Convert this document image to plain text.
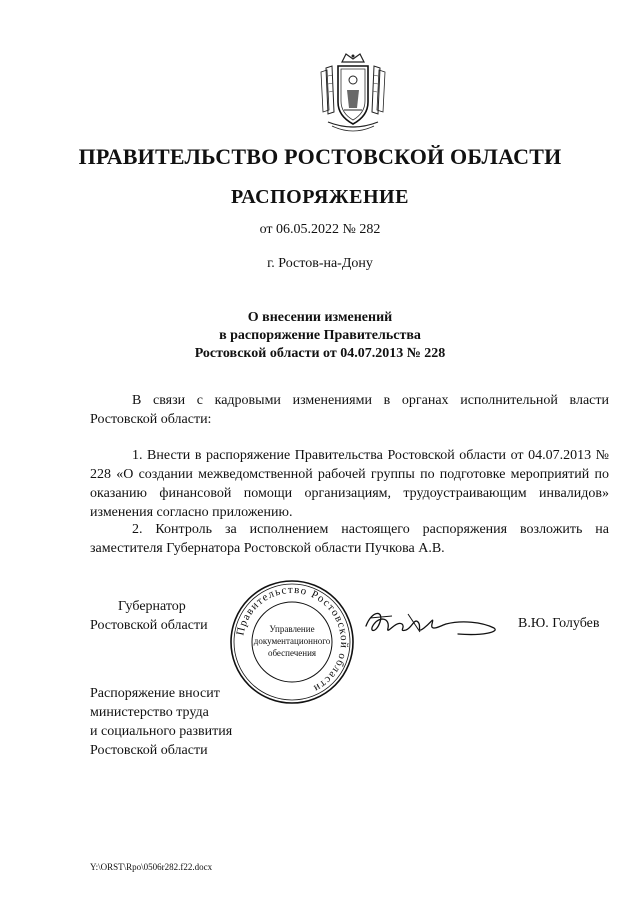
ПРАВИТЕЛЬСТВО РОСТОВСКОЙ ОБЛАСТИ
РАСПОРЯЖЕНИЕ
от 06.05.2022 № 282
г. Ростов-на-Дону
О внесении изменений
в распоряжение Правительства
Ростовской области от 04.07.2013 № 228
В связи с кадровыми изменениями в органах исполнительной власти Ростовской области:
1. Внести в распоряжение Правительства Ростовской области от 04.07.2013 № 228 «О создании межведомственной рабочей группы по подготовке мероприятий по оказанию финансовой помощи организациям, трудоустраивающим инвалидов» изменения согласно приложению.
2. Контроль за исполнением настоящего распоряжения возложить на заместителя Губернатора Ростовской области Пучкова А.В.
Губернатор
Ростовской области Правительство Ростовской области
Управление
документационного
обеспечения
В.Ю. Голубев
Распоряжение вносит
министерство труда
и социального развития
Ростовской области
Y:\ORST\Rpo\0506r282.f22.docx
